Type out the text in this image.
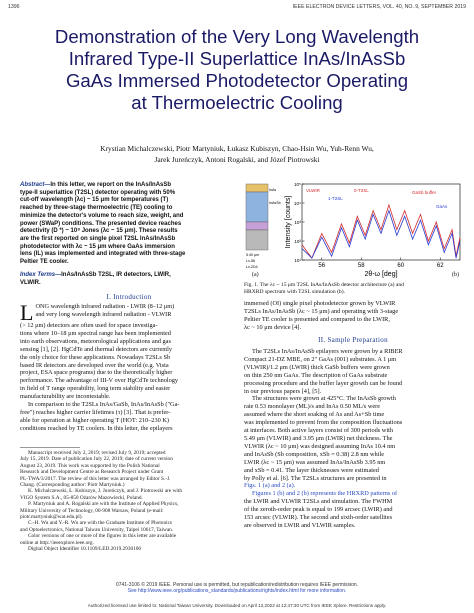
1396	IEEE ELECTRON DEVICE LETTERS, VOL. 40, NO. 9, SEPTEMBER 2019
Demonstration of the Very Long Wavelength
Infrared Type-II Superlattice InAs/InAsSb
GaAs Immersed Photodetector Operating
at Thermoelectric Cooling
Krystian Michalczewski, Piotr Martyniuk, Łukasz Kubiszyn, Chao-Hsin Wu, Yuh-Renn Wu,
Jarek Jureńczyk, Antoni Rogalski, and Józef Piotrowski
Abstract—In this letter, we report on the InAs/InAsSb
type-II superlattice (T2SL) detector operating with 50%
cut-off wavelength (λc) ~ 15 μm for temperatures (T)
reached by three-stage thermoelectric (TE) cooling to
minimize the detector's volume to reach size, weight, and
power (SWaP) conditions. The presented device reaches
detectivity (D *) ~ 10⁸ Jones (λc ~ 15 μm). These results
are the first reported on single pixel T2SL InAs/InAsSb
photodetector with λc ~ 15 μm where GaAs immersion
lens (IL) was implemented and integrated with three-stage
Peltier TE cooler.
Index Terms—InAs/InAsSb T2SL, IR detectors, LWIR,
VLWIR.
I. Introduction
L ONG wavelength infrared radiation - LWIR (8–12 μm)
and very long wavelength infrared radiation - VLWIR
(> 12 μm) detectors are often used for space investiga-
tions where 10–18 μm spectral range has been implemented
into earth observations, meteorological applications and gas
sensing [1], [2]. HgCdTe and thermal detectors are currently
the only choice for these applications. Nowadays T2SLs Sb
based IR detectors are developed over the world (e.g. Vista
project, ESA space programs) due to the theoretically higher
performance. The advantage of III-V over HgCdTe technology
in field of T range operability, long term stability and easier
manufacturability are incontestable.
In comparison to the T2SLs InAs/GaSb, InAs/InAsSb ("Ga-
free") reaches higher carrier lifetimes (τ) [3]. That is prefer-
able for operation at higher operating T (HOT: 210–230 K)
conditions reached by TE coolers. In this letter, the epilayers
Manuscript received July 2, 2019; revised July 9, 2019; accepted
July 15, 2019. Date of publication July 22, 2019; date of current version
August 23, 2019. This work was supported by the Polish National
Research and Development Centre as Research Project under Grant
PL-TWA/3/2017. The review of this letter was arranged by Editor S.-J.
Chang. (Corresponding author: Piotr Martyniuk.)
K. Michalczewski, Ł. Kubiszyn, J. Jureńczyk, and J. Piotrowski are with
VIGO System S.A., 05-850 Ożarów Mazowiecki, Poland.
P. Martyniuk and A. Rogalski are with the Institute of Applied Physics,
Military University of Technology, 00-908 Warsaw, Poland (e-mail:
piotr.martyniuk@wat.edu.pl).
C.-H. Wu and Y.-R. Wu are with the Graduate Institute of Photonics
and Optoelectronics, National Taiwan University, Taipei 10617, Taiwan.
Color versions of one or more of the figures in this letter are available
online at http://ieeexplore.ieee.org.
Digital Object Identifier 10.1109/LED.2019.2930106
InAs
InAsSb
5.40 μm
Lx-56
Lx-2D4
(a)
10⁵
10⁴
10³
10²
10¹
56	58	60	62
Intensity [counts]
2θ-ω [deg]
VLWIR	0-T2SL
1-T2SL
GaSb buffer
GaAs
(b)
Fig. 1. The λc ~ 15 μm T2SL InAs/InAsSb detector architecture (a) and
HRXRD spectrum with T2SL simulation (b).
immersed (OI) single pixel photodetector grown by VLWIR
T2SLs InAs/InAsSb (λc ~ 15 μm) and operating with 3-stage
Peltier TE cooler is presented and compared to the LWIR,
λc ~ 10 μm device [4].
II. Sample Preparation
The T2SLs InAs/InAsSb epilayers were grown by a RIBER
Compact 21-DZ MBE, on 2" GaAs (001) substrates. A 1 μm
(VLWIR)/1.2 μm (LWIR) thick GaSb buffers were grown
on thin 250 nm GaAs. The description of GaAs substrate
processing procedure and the buffer layer growth can be found
in our previous papers [4], [5].
The structures were grown at 425°C. The InAsSb growth
rate 0.53 monolayer (ML)/s and InAs 0.50 ML/s were
assumed where the short soaking of As and As+Sb time
was implemented to prevent from the composition fluctuations
at interfaces. Both active layers consist of 300 periods with
5.49 μm (VLWIR) and 3.95 μm (LWIR) net thickness. The
VLWIR (λc ~ 10 μm) was designed assuming InAs 10.4 nm
and InAsSb (Sb composition, xSb = 0.38) 2.8 nm while
LWIR (λc ~ 15 μm) was assumed InAs/InAsSb 3.95 nm
and xSb = 0.41. The layer thicknesses were estimated
by Polly et al. [6]. The T2SLs structures are presented in
Figs. 1 (a) and 2 (a).
Figures 1 (b) and 2 (b) represents the HRXRD patterns of
the LWIR and VLWIR T2SLs and simulation. The FWHM
of the zeroth-order peak is equal to 199 arcsec (LWIR) and
153 arcsec (VLWIR). The second and sixth-order satellites
are observed in LWIR and VLWIR samples.
0741-3106 © 2019 IEEE. Personal use is permitted, but republication/redistribution requires IEEE permission.
See http://www.ieee.org/publications_standards/publications/rights/index.html for more information.
Authorized licensed use limited to: National Taiwan University. Downloaded on April 12,2022 at 12:47:30 UTC from IEEE Xplore. Restrictions apply.
